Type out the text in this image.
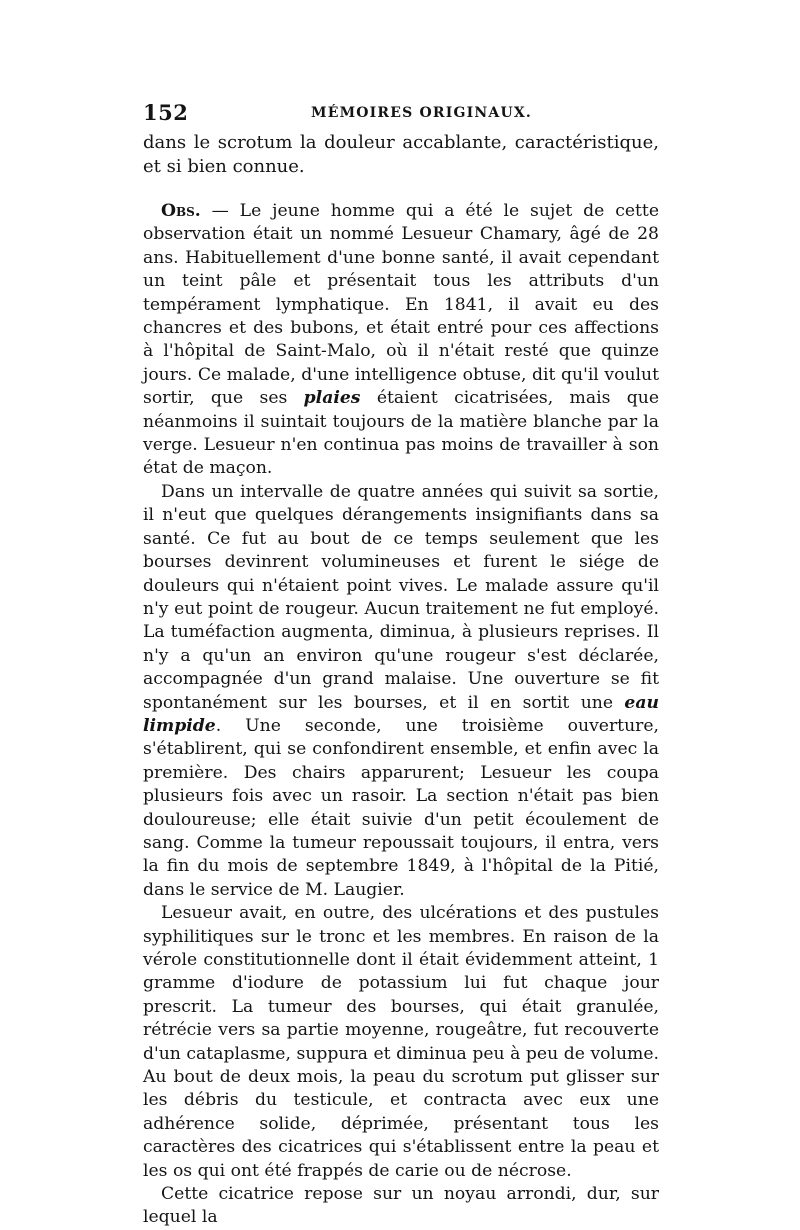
152	MÉMOIRES ORIGINAUX.

dans le scrotum la douleur accablante, caractéristique, et si bien connue.

Obs. — Le jeune homme qui a été le sujet de cette observation était un nommé Lesueur Chamary, âgé de 28 ans. Habituellement d'une bonne santé, il avait cependant un teint pâle et présentait tous les attributs d'un tempérament lymphatique. En 1841, il avait eu des chancres et des bubons, et était entré pour ces affections à l'hôpital de Saint-Malo, où il n'était resté que quinze jours. Ce malade, d'une intelligence obtuse, dit qu'il voulut sortir, que ses plaies étaient cicatrisées, mais que néanmoins il suintait toujours de la matière blanche par la verge. Lesueur n'en continua pas moins de travailler à son état de maçon.

Dans un intervalle de quatre années qui suivit sa sortie, il n'eut que quelques dérangements insignifiants dans sa santé. Ce fut au bout de ce temps seulement que les bourses devinrent volumineuses et furent le siége de douleurs qui n'étaient point vives. Le malade assure qu'il n'y eut point de rougeur. Aucun traitement ne fut employé. La tuméfaction augmenta, diminua, à plusieurs reprises. Il n'y a qu'un an environ qu'une rougeur s'est déclarée, accompagnée d'un grand malaise. Une ouverture se fit spontanément sur les bourses, et il en sortit une eau limpide. Une seconde, une troisième ouverture, s'établirent, qui se confondirent ensemble, et enfin avec la première. Des chairs apparurent; Lesueur les coupa plusieurs fois avec un rasoir. La section n'était pas bien douloureuse; elle était suivie d'un petit écoulement de sang. Comme la tumeur repoussait toujours, il entra, vers la fin du mois de septembre 1849, à l'hôpital de la Pitié, dans le service de M. Laugier.

Lesueur avait, en outre, des ulcérations et des pustules syphilitiques sur le tronc et les membres. En raison de la vérole constitutionnelle dont il était évidemment atteint, 1 gramme d'iodure de potassium lui fut chaque jour prescrit. La tumeur des bourses, qui était granulée, rétrécie vers sa partie moyenne, rougeâtre, fut recouverte d'un cataplasme, suppura et diminua peu à peu de volume. Au bout de deux mois, la peau du scrotum put glisser sur les débris du testicule, et contracta avec eux une adhérence solide, déprimée, présentant tous les caractères des cicatrices qui s'établissent entre la peau et les os qui ont été frappés de carie ou de nécrose.

Cette cicatrice repose sur un noyau arrondi, dur, sur lequel la
